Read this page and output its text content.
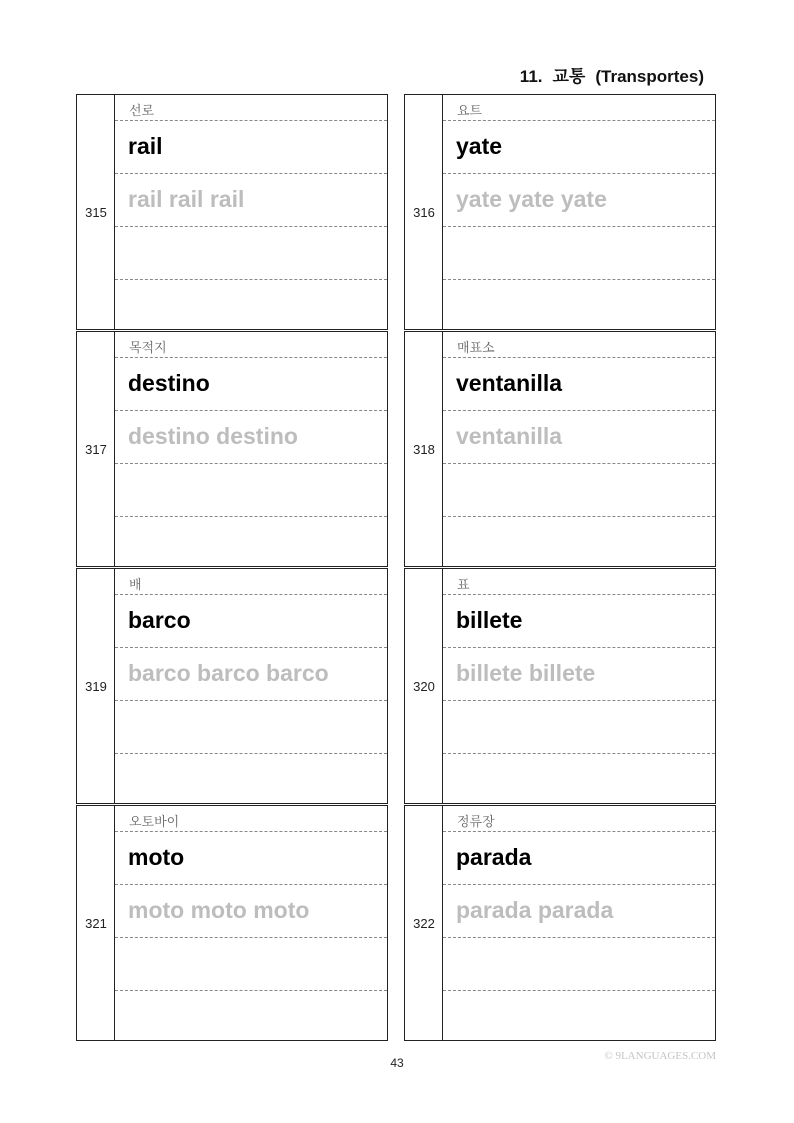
11. 교통 (Transportes)
315
선로
rail
rail rail rail
316
요트
yate
yate yate yate
317
목적지
destino
destino destino
318
매표소
ventanilla
ventanilla
319
배
barco
barco barco barco
320
표
billete
billete billete
321
오토바이
moto
moto moto moto
322
정류장
parada
parada parada
43	© 9LANGUAGES.COM
